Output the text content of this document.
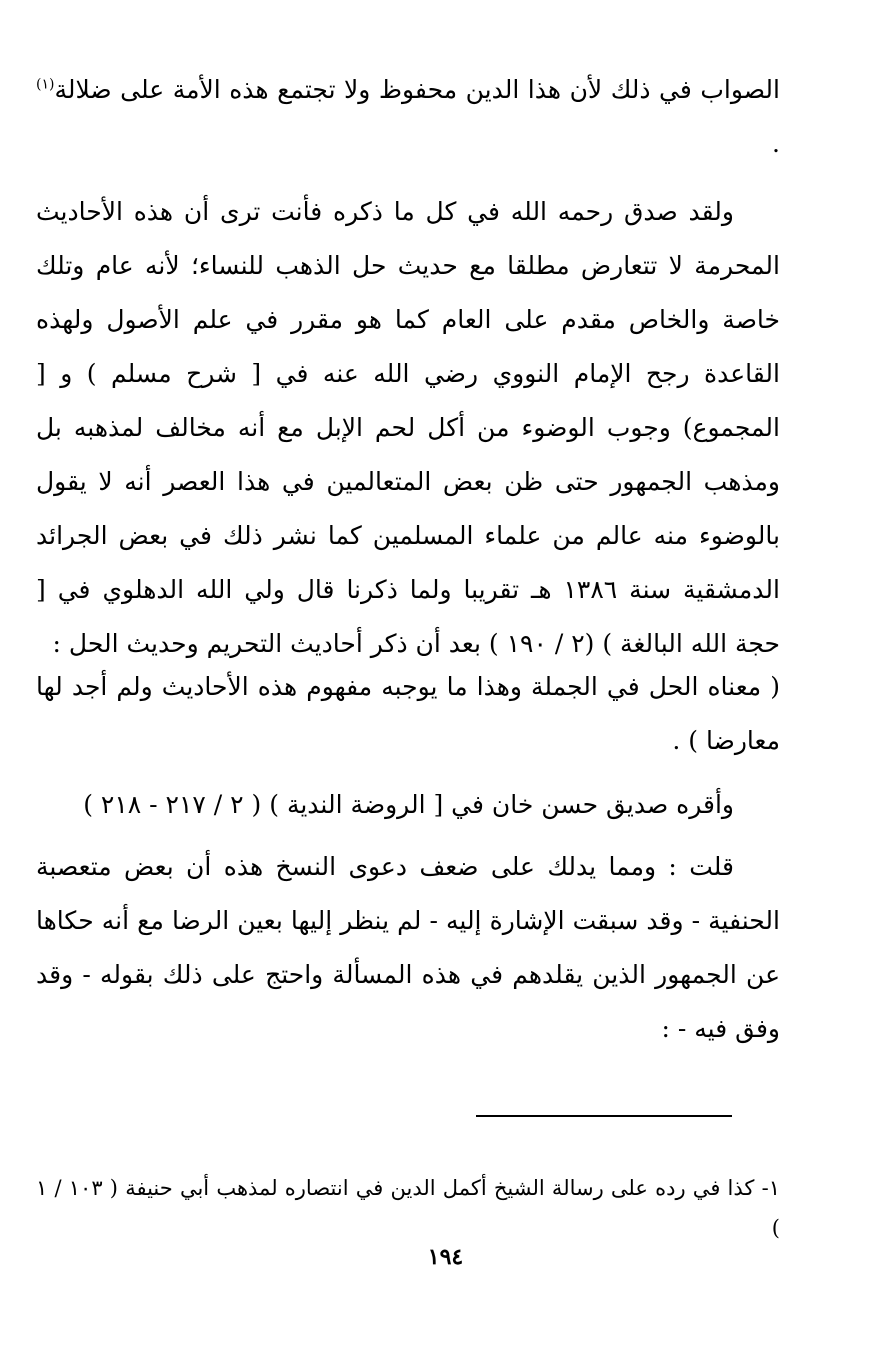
الصواب في ذلك لأن هذا الدين محفوظ ولا تجتمع هذه الأمة على ضلالة$^{(١)}$ .

ولقد صدق رحمه الله في كل ما ذكره فأنت ترى أن هذه الأحاديث المحرمة لا تتعارض مطلقا مع حديث حل الذهب للنساء؛ لأنه عام وتلك خاصة والخاص مقدم على العام كما هو مقرر في علم الأصول ولهذه القاعدة رجح الإمام النووي رضي الله عنه في [ شرح مسلم ) و [ المجموع) وجوب الوضوء من أكل لحم الإبل مع أنه مخالف لمذهبه بل ومذهب الجمهور حتى ظن بعض المتعالمين في هذا العصر أنه لا يقول بالوضوء منه عالم من علماء المسلمين كما نشر ذلك في بعض الجرائد الدمشقية سنة ١٣٨٦ هـ تقريبا ولما ذكرنا قال ولي الله الدهلوي في [ حجة الله البالغة ) (٢ / ١٩٠ ) بعد أن ذكر أحاديث التحريم وحديث الحل :

( معناه الحل في الجملة وهذا ما يوجبه مفهوم هذه الأحاديث ولم أجد لها معارضا ) .

وأقره صديق حسن خان في [ الروضة الندية ) ( ٢ / ٢١٧ - ٢١٨ )

قلت : ومما يدلك على ضعف دعوى النسخ هذه أن بعض متعصبة الحنفية - وقد سبقت الإشارة إليه - لم ينظر إليها بعين الرضا مع أنه حكاها عن الجمهور الذين يقلدهم في هذه المسألة واحتج على ذلك بقوله - وقد وفق فيه - :

١- كذا في رده على رسالة الشيخ أكمل الدين في انتصاره لمذهب أبي حنيفة ( ١٠٣ / ١ )

١٩٤
